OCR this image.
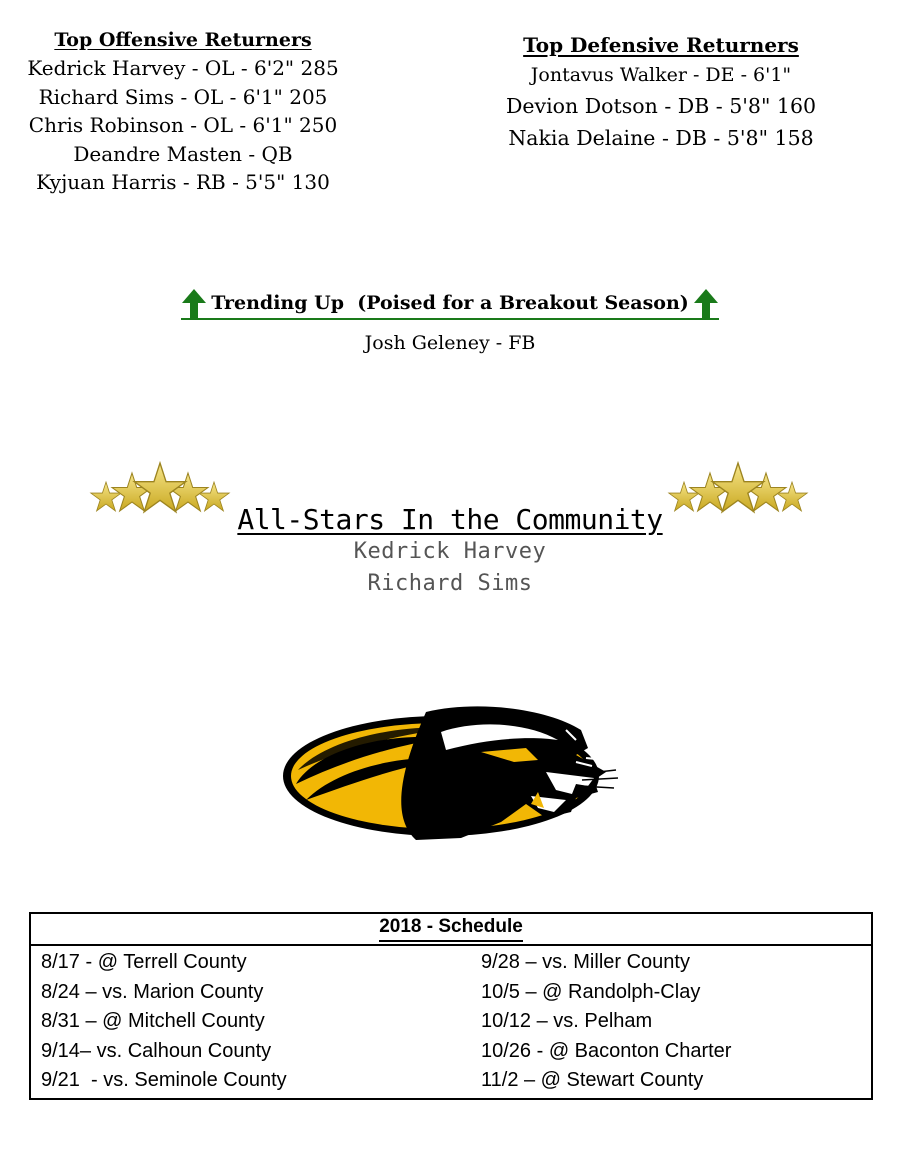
Top Offensive Returners
Kedrick Harvey - OL - 6'2" 285
Richard Sims - OL - 6'1" 205
Chris Robinson - OL - 6'1" 250
Deandre Masten - QB
Kyjuan Harris - RB - 5'5" 130
Top Defensive Returners
Jontavus Walker - DE - 6'1"
Devion Dotson - DB - 5'8" 160
Nakia Delaine - DB - 5'8" 158
Trending Up  (Poised for a Breakout Season)
Josh Geleney - FB
All-Stars In the Community
Kedrick Harvey
Richard Sims
2018 - Schedule
8/17 - @ Terrell County
8/24 – vs. Marion County
8/31 – @ Mitchell County
9/14– vs. Calhoun County
9/21  - vs. Seminole County
9/28 – vs. Miller County
10/5 – @ Randolph-Clay
10/12 – vs. Pelham
10/26 - @ Baconton Charter
11/2 – @ Stewart County
